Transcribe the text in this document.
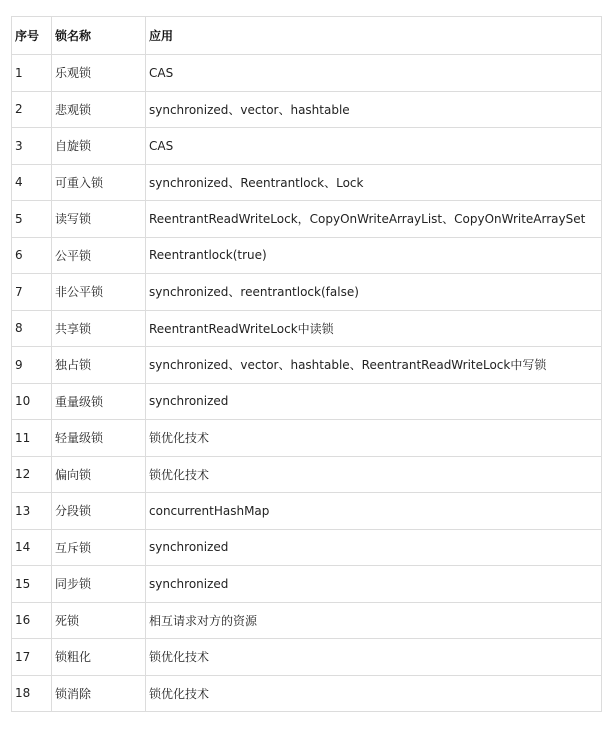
序号	锁名称	应用
1	乐观锁	CAS
2	悲观锁	synchronized、vector、hashtable
3	自旋锁	CAS
4	可重入锁	synchronized、Reentrantlock、Lock
5	读写锁	ReentrantReadWriteLock，CopyOnWriteArrayList、CopyOnWriteArraySet
6	公平锁	Reentrantlock(true)
7	非公平锁	synchronized、reentrantlock(false)
8	共享锁	ReentrantReadWriteLock中读锁
9	独占锁	synchronized、vector、hashtable、ReentrantReadWriteLock中写锁
10	重量级锁	synchronized
11	轻量级锁	锁优化技术
12	偏向锁	锁优化技术
13	分段锁	concurrentHashMap
14	互斥锁	synchronized
15	同步锁	synchronized
16	死锁	相互请求对方的资源
17	锁粗化	锁优化技术
18	锁消除	锁优化技术
